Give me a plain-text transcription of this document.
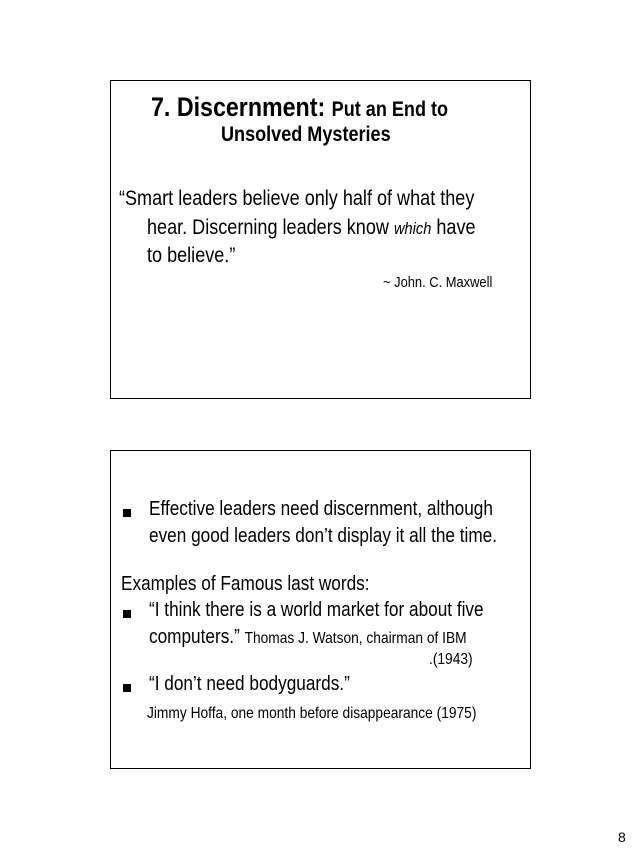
7. Discernment: Put an End to
Unsolved Mysteries
“Smart leaders believe only half of what they
hear. Discerning leaders know which have
to believe.”
~ John. C. Maxwell
Effective leaders need discernment, although
even good leaders don’t display it all the time.
Examples of Famous last words:
“I think there is a world market for about five
computers.” Thomas J. Watson, chairman of IBM
.(1943)
“I don’t need bodyguards.”
Jimmy Hoffa, one month before disappearance (1975)
8
